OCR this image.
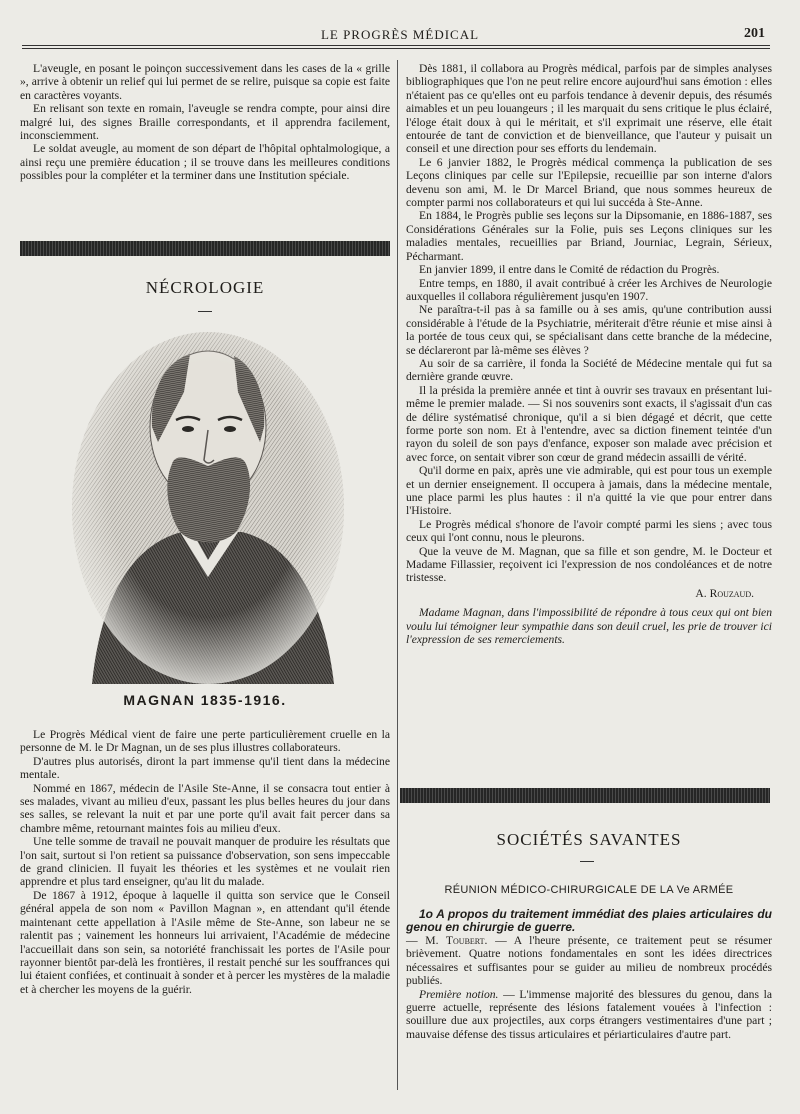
LE PROGRÈS MÉDICAL	201

L'aveugle, en posant le poinçon successivement dans les cases de la « grille », arrive à obtenir un relief qui lui permet de se relire, puisque sa copie est faite en caractères voyants.

En relisant son texte en romain, l'aveugle se rendra compte, pour ainsi dire malgré lui, des signes Braille correspondants, et il apprendra facilement, inconsciemment.

Le soldat aveugle, au moment de son départ de l'hôpital ophtalmologique, a ainsi reçu une première éducation ; il se trouve dans les meilleures conditions possibles pour la compléter et la terminer dans une Institution spéciale.

NÉCROLOGIE
MAGNAN 1835-1916.

Le Progrès Médical vient de faire une perte particulièrement cruelle en la personne de M. le Dr Magnan, un de ses plus illustres collaborateurs.

D'autres plus autorisés, diront la part immense qu'il tient dans la médecine mentale.

Nommé en 1867, médecin de l'Asile Ste-Anne, il se consacra tout entier à ses malades, vivant au milieu d'eux, passant les plus belles heures du jour dans ses salles, se relevant la nuit et par une porte qu'il avait fait percer dans sa chambre même, retournant maintes fois au milieu d'eux.

Une telle somme de travail ne pouvait manquer de produire les résultats que l'on sait, surtout si l'on retient sa puissance d'observation, son sens impeccable de grand clinicien. Il fuyait les théories et les systèmes et ne voulait rien apprendre et plus tard enseigner, qu'au lit du malade.

De 1867 à 1912, époque à laquelle il quitta son service que le Conseil général appela de son nom « Pavillon Magnan », en attendant qu'il étende maintenant cette appellation à l'Asile même de Ste-Anne, son labeur ne se ralentit pas ; vainement les honneurs lui arrivaient, l'Académie de médecine l'accueillait dans son sein, sa notoriété franchissait les portes de l'Asile pour rayonner bientôt par-delà les frontières, il restait penché sur les souffrances qui lui étaient confiées, et continuait à sonder et à percer les mystères de la maladie et à chercher les moyens de la guérir.

Dès 1881, il collabora au Progrès médical, parfois par de simples analyses bibliographiques que l'on ne peut relire encore aujourd'hui sans émotion : elles n'étaient pas ce qu'elles ont eu parfois tendance à devenir depuis, des résumés aimables et un peu louangeurs ; il les marquait du sens critique le plus éclairé, l'éloge était doux à qui le méritait, et s'il exprimait une réserve, elle était entourée de tant de conviction et de bienveillance, que l'auteur y puisait un conseil et une direction pour ses efforts du lendemain.

Le 6 janvier 1882, le Progrès médical commença la publication de ses Leçons cliniques par celle sur l'Epilepsie, recueillie par son interne d'alors devenu son ami, M. le Dr Marcel Briand, que nous sommes heureux de compter parmi nos collaborateurs et qui lui succéda à Ste-Anne.

En 1884, le Progrès publie ses leçons sur la Dipsomanie, en 1886-1887, ses Considérations Générales sur la Folie, puis ses Leçons cliniques sur les maladies mentales, recueillies par Briand, Journiac, Legrain, Sérieux, Pécharmant.

En janvier 1899, il entre dans le Comité de rédaction du Progrès.

Entre temps, en 1880, il avait contribué à créer les Archives de Neurologie auxquelles il collabora régulièrement jusqu'en 1907.

Ne paraîtra-t-il pas à sa famille ou à ses amis, qu'une contribution aussi considérable à l'étude de la Psychiatrie, mériterait d'être réunie et mise ainsi à la portée de tous ceux qui, se spécialisant dans cette branche de la médecine, se déclareront par là-même ses élèves ?

Au soir de sa carrière, il fonda la Société de Médecine mentale qui fut sa dernière grande œuvre.

Il la présida la première année et tint à ouvrir ses travaux en présentant lui-même le premier malade. — Si nos souvenirs sont exacts, il s'agissait d'un cas de délire systématisé chronique, qu'il a si bien dégagé et décrit, que cette forme porte son nom. Et à l'entendre, avec sa diction finement teintée d'un rayon du soleil de son pays d'enfance, exposer son malade avec précision et avec force, on sentait vibrer son cœur de grand médecin assailli de vérité.

Qu'il dorme en paix, après une vie admirable, qui est pour tous un exemple et un dernier enseignement. Il occupera à jamais, dans la médecine mentale, une place parmi les plus hautes : il n'a quitté la vie que pour entrer dans l'Histoire.

Le Progrès médical s'honore de l'avoir compté parmi les siens ; avec tous ceux qui l'ont connu, nous le pleurons.

Que la veuve de M. Magnan, que sa fille et son gendre, M. le Docteur et Madame Fillassier, reçoivent ici l'expression de nos condoléances et de notre tristesse.

A. Rouzaud.

Madame Magnan, dans l'impossibilité de répondre à tous ceux qui ont bien voulu lui témoigner leur sympathie dans son deuil cruel, les prie de trouver ici l'expression de ses remerciements.

SOCIÉTÉS SAVANTES
RÉUNION MÉDICO-CHIRURGICALE DE LA Ve ARMÉE
1o A propos du traitement immédiat des plaies articulaires du genou en chirurgie de guerre.

— M. Toubert. — A l'heure présente, ce traitement peut se résumer brièvement. Quatre notions fondamentales en sont les idées directrices nécessaires et suffisantes pour se guider au milieu de nombreux procédés publiés.

Première notion. — L'immense majorité des blessures du genou, dans la guerre actuelle, représente des lésions fatalement vouées à l'infection : souillure due aux projectiles, aux corps étrangers vestimentaires d'une part ; mauvaise défense des tissus articulaires et périarticulaires d'autre part.
